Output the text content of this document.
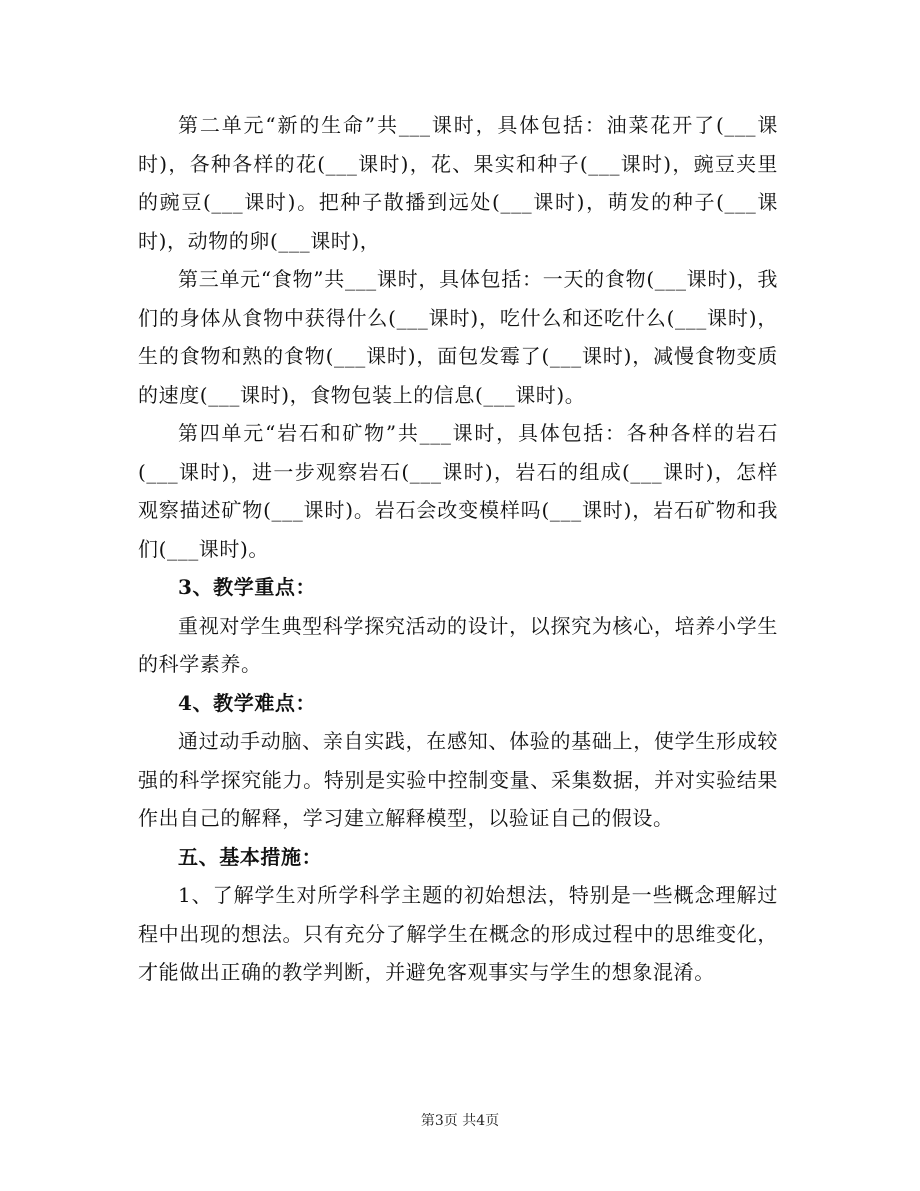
第二单元“新的生命”共___课时，具体包括：油菜花开了(___课时)，各种各样的花(___课时)，花、果实和种子(___课时)，豌豆夹里的豌豆(___课时)。把种子散播到远处(___课时)，萌发的种子(___课时)，动物的卵(___课时)，

第三单元“食物”共___课时，具体包括：一天的食物(___课时)，我们的身体从食物中获得什么(___课时)，吃什么和还吃什么(___课时)，生的食物和熟的食物(___课时)，面包发霉了(___课时)，减慢食物变质的速度(___课时)，食物包装上的信息(___课时)。

第四单元“岩石和矿物”共___课时，具体包括：各种各样的岩石(___课时)，进一步观察岩石(___课时)，岩石的组成(___课时)，怎样观察描述矿物(___课时)。岩石会改变模样吗(___课时)，岩石矿物和我们(___课时)。

3、教学重点：

重视对学生典型科学探究活动的设计，以探究为核心，培养小学生的科学素养。

4、教学难点：

通过动手动脑、亲自实践，在感知、体验的基础上，使学生形成较强的科学探究能力。特别是实验中控制变量、采集数据，并对实验结果作出自己的解释，学习建立解释模型，以验证自己的假设。

五、基本措施：

1、了解学生对所学科学主题的初始想法，特别是一些概念理解过程中出现的想法。只有充分了解学生在概念的形成过程中的思维变化，才能做出正确的教学判断，并避免客观事实与学生的想象混淆。

第3页 共4页
